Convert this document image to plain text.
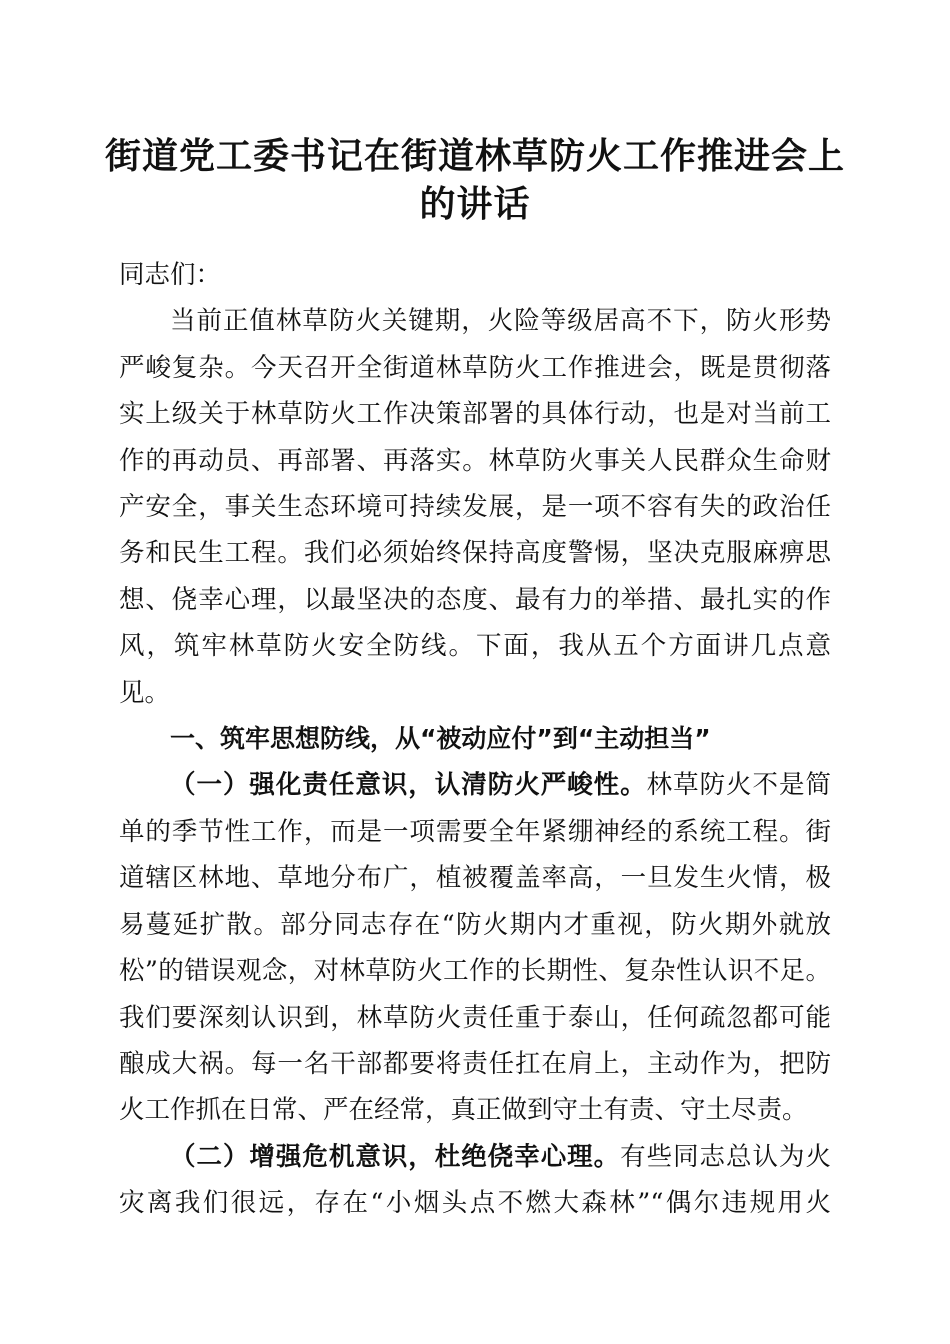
街道党工委书记在街道林草防火工作推进会上
的讲话

同志们：

当前正值林草防火关键期，火险等级居高不下，防火形势严峻复杂。今天召开全街道林草防火工作推进会，既是贯彻落实上级关于林草防火工作决策部署的具体行动，也是对当前工作的再动员、再部署、再落实。林草防火事关人民群众生命财产安全，事关生态环境可持续发展，是一项不容有失的政治任务和民生工程。我们必须始终保持高度警惕，坚决克服麻痹思想、侥幸心理，以最坚决的态度、最有力的举措、最扎实的作风，筑牢林草防火安全防线。下面，我从五个方面讲几点意见。

一、筑牢思想防线，从“被动应付”到“主动担当”

（一）强化责任意识，认清防火严峻性。林草防火不是简单的季节性工作，而是一项需要全年紧绷神经的系统工程。街道辖区林地、草地分布广，植被覆盖率高，一旦发生火情，极易蔓延扩散。部分同志存在“防火期内才重视，防火期外就放松”的错误观念，对林草防火工作的长期性、复杂性认识不足。我们要深刻认识到，林草防火责任重于泰山，任何疏忽都可能酿成大祸。每一名干部都要将责任扛在肩上，主动作为，把防火工作抓在日常、严在经常，真正做到守土有责、守土尽责。

（二）增强危机意识，杜绝侥幸心理。有些同志总认为火灾离我们很远，存在“小烟头点不燃大森林”“偶尔违规用火
